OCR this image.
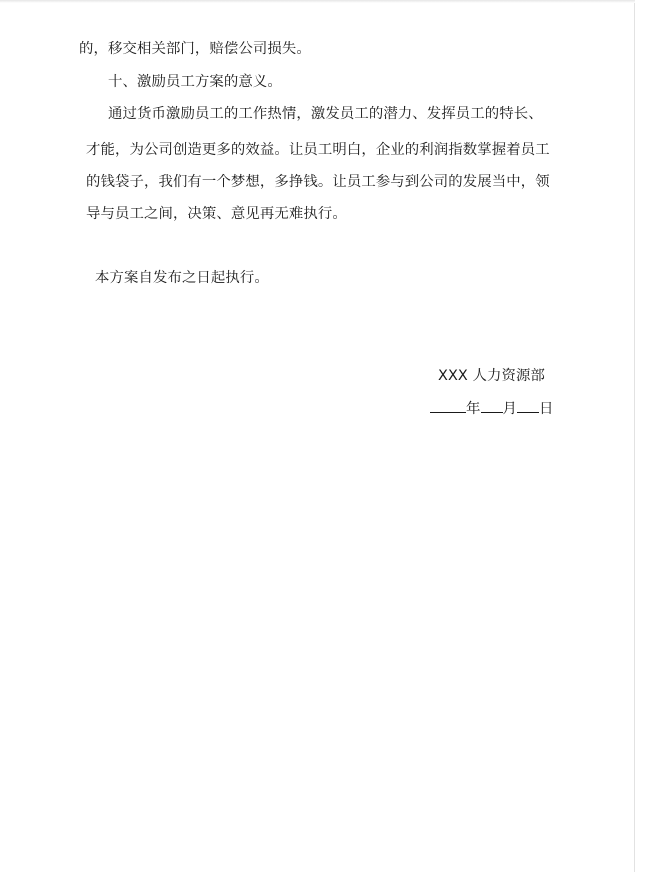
的，移交相关部门，赔偿公司损失。
十、激励员工方案的意义。
通过货币激励员工的工作热情，激发员工的潜力、发挥员工的特长、
才能，为公司创造更多的效益。让员工明白，企业的利润指数掌握着员工
的钱袋子，我们有一个梦想，多挣钱。让员工参与到公司的发展当中，领
导与员工之间，决策、意见再无难执行。
本方案自发布之日起执行。
XXX 人力资源部
年 月 日
